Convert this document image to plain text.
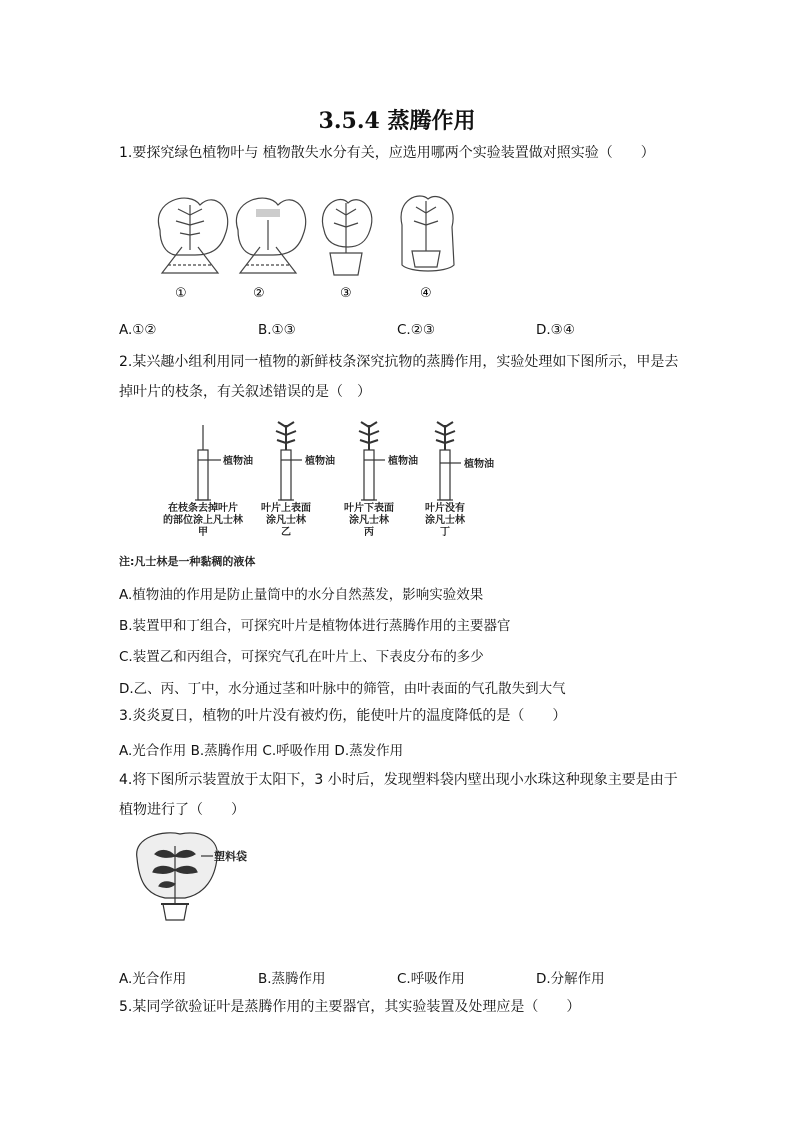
3.5.4 蒸腾作用
1.要探究绿色植物叶与 植物散失水分有关，应选用哪两个实验装置做对照实验（　　）
①	②	③	④
A.①②	B.①③	C.②③	D.③④
2.某兴趣小组利用同一植物的新鲜枝条深究抗物的蒸腾作用，实验处理如下图所示，甲是去
掉叶片的枝条，有关叙述错误的是（　）
植物油	植物油	植物油	植物油
在枝条去掉叶片
的部位涂上凡士林
甲
叶片上表面
涂凡士林
乙
叶片下表面
涂凡士林
丙
叶片没有
涂凡士林
丁
注:凡士林是一种黏稠的液体
A.植物油的作用是防止量筒中的水分自然蒸发，影响实验效果
B.装置甲和丁组合，可探究叶片是植物体进行蒸腾作用的主要器官
C.装置乙和丙组合，可探究气孔在叶片上、下表皮分布的多少
D.乙、丙、丁中，水分通过茎和叶脉中的筛管，由叶表面的气孔散失到大气
3.炎炎夏日，植物的叶片没有被灼伤，能使叶片的温度降低的是（　　）
A.光合作用 B.蒸腾作用 C.呼吸作用 D.蒸发作用
4.将下图所示装置放于太阳下，3 小时后，发现塑料袋内壁出现小水珠这种现象主要是由于
植物进行了（　　）
塑料袋
A.光合作用	B.蒸腾作用	C.呼吸作用	D.分解作用
5.某同学欲验证叶是蒸腾作用的主要器官，其实验装置及处理应是（　　）
